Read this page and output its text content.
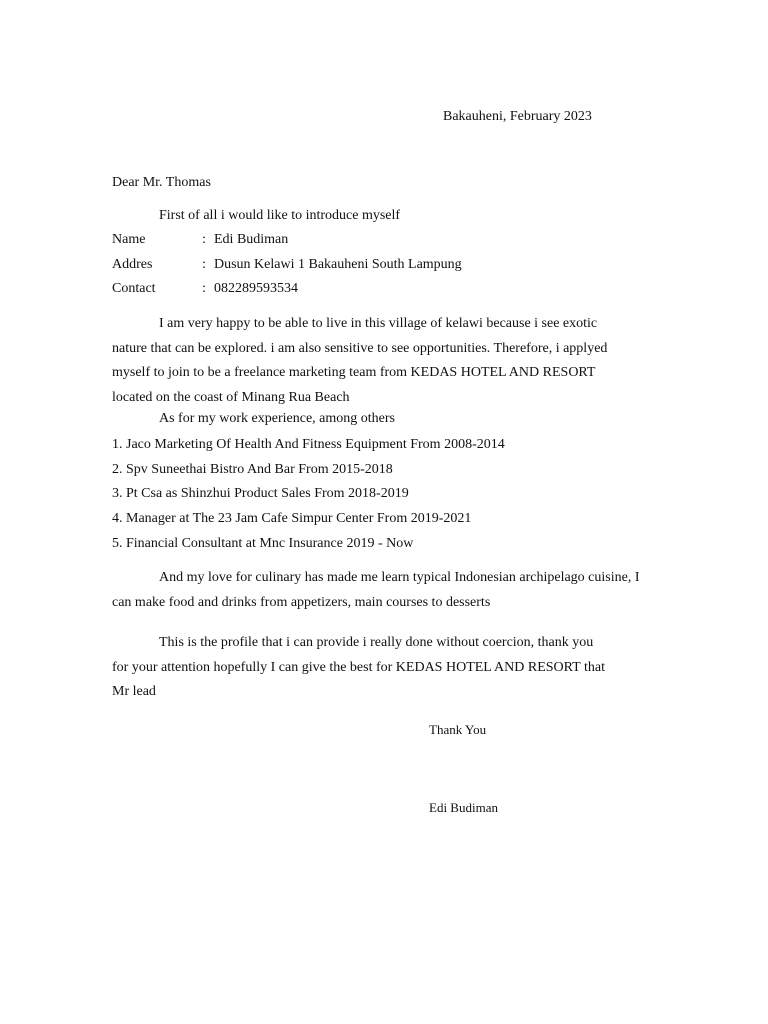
Bakauheni, February 2023
Dear Mr. Thomas
First of all i would like to introduce myself
Name	: Edi Budiman
Addres	: Dusun Kelawi 1 Bakauheni South Lampung
Contact	: 082289593534
I am very happy to be able to live in this village of kelawi because i see exotic nature that can be explored. i am also sensitive to see opportunities. Therefore, i applyed myself to join to be a freelance marketing team from KEDAS HOTEL AND RESORT located on the coast of Minang Rua Beach
As for my work experience, among others
1. Jaco Marketing Of Health And Fitness Equipment From 2008-2014
2. Spv Suneethai Bistro And Bar From 2015-2018
3. Pt Csa as Shinzhui Product Sales From 2018-2019
4. Manager at The 23 Jam Cafe Simpur Center From 2019-2021
5. Financial Consultant at Mnc Insurance 2019 - Now
And my love for culinary has made me learn typical Indonesian archipelago cuisine, I can make food and drinks from appetizers, main courses to desserts
This is the profile that i can provide i really done without coercion, thank you for your attention hopefully I can give the best for KEDAS HOTEL AND RESORT that Mr lead
Thank You
Edi Budiman
